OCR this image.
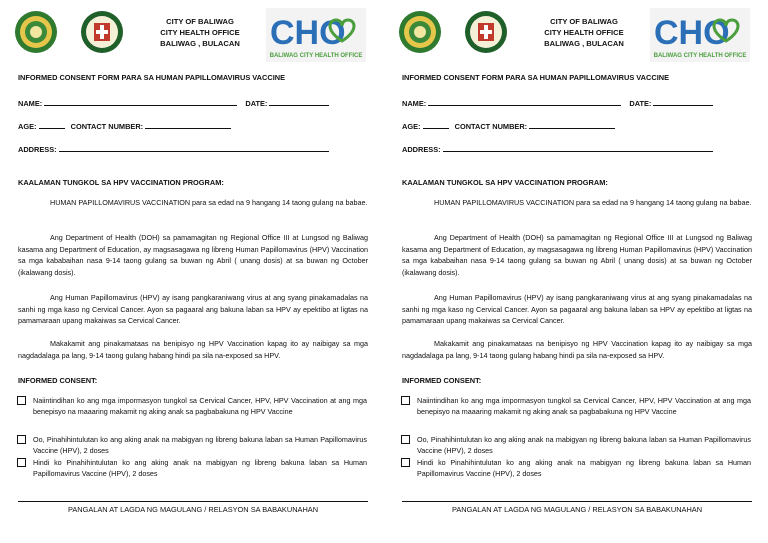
CITY OF BALIWAG
CITY HEALTH OFFICE
BALIWAG , BULACAN CHO
BALIWAG CITY HEALTH OFFICE
INFORMED CONSENT FORM PARA SA HUMAN PAPILLOMAVIRUS VACCINE
NAME:	DATE:
AGE:	CONTACT NUMBER:
ADDRESS:
KAALAMAN TUNGKOL SA HPV VACCINATION PROGRAM:

HUMAN PAPILLOMAVIRUS VACCINATION para sa edad na 9 hangang 14 taong gulang na babae.

Ang Department of Health (DOH) sa pamamagitan ng Regional Office III at Lungsod ng Baliwag kasama ang Department of Education, ay magsasagawa ng libreng Human Papillomavirus (HPV) Vaccination sa mga kababaihan nasa 9-14 taong gulang sa buwan ng Abril ( unang dosis) at sa buwan ng October (ikalawang dosis).

Ang Human Papillomavirus (HPV) ay isang pangkaraniwang virus at ang syang pinakamadalas na sanhi ng mga kaso ng Cervical Cancer. Ayon sa pagaaral ang bakuna laban sa HPV ay epektibo at ligtas na pamamaraan upang makaiwas sa Cervical Cancer.

Makakamit ang pinakamataas na benipisyo ng HPV Vaccination kapag ito ay naibigay sa mga nagdadalaga pa lang, 9-14 taong gulang habang hindi pa sila na-exposed sa HPV.

INFORMED CONSENT:

Naiintindihan ko ang mga impormasyon tungkol sa Cervical Cancer, HPV, HPV Vaccination at ang mga benepisyo na maaaring makamit ng aking anak sa pagbabakuna ng HPV Vaccine

Oo, Pinahihintulutan ko ang aking anak na mabigyan ng libreng bakuna laban sa Human Papillomavirus Vaccine (HPV), 2 doses

Hindi ko Pinahihintulutan ko ang aking anak na mabigyan ng libreng bakuna laban sa Human Papillomavirus Vaccine (HPV), 2 doses

PANGALAN AT LAGDA NG MAGULANG / RELASYON SA BABAKUNAHAN
CITY OF BALIWAG
CITY HEALTH OFFICE
BALIWAG , BULACAN CHO
BALIWAG CITY HEALTH OFFICE
INFORMED CONSENT FORM PARA SA HUMAN PAPILLOMAVIRUS VACCINE
NAME:	DATE:
AGE:	CONTACT NUMBER:
ADDRESS:
KAALAMAN TUNGKOL SA HPV VACCINATION PROGRAM:

HUMAN PAPILLOMAVIRUS VACCINATION para sa edad na 9 hangang 14 taong gulang na babae.

Ang Department of Health (DOH) sa pamamagitan ng Regional Office III at Lungsod ng Baliwag kasama ang Department of Education, ay magsasagawa ng libreng Human Papillomavirus (HPV) Vaccination sa mga kababaihan nasa 9-14 taong gulang sa buwan ng Abril ( unang dosis) at sa buwan ng October (ikalawang dosis).

Ang Human Papillomavirus (HPV) ay isang pangkaraniwang virus at ang syang pinakamadalas na sanhi ng mga kaso ng Cervical Cancer. Ayon sa pagaaral ang bakuna laban sa HPV ay epektibo at ligtas na pamamaraan upang makaiwas sa Cervical Cancer.

Makakamit ang pinakamataas na benipisyo ng HPV Vaccination kapag ito ay naibigay sa mga nagdadalaga pa lang, 9-14 taong gulang habang hindi pa sila na-exposed sa HPV.

INFORMED CONSENT:

Naiintindihan ko ang mga impormasyon tungkol sa Cervical Cancer, HPV, HPV Vaccination at ang mga benepisyo na maaaring makamit ng aking anak sa pagbabakuna ng HPV Vaccine

Oo, Pinahihintulutan ko ang aking anak na mabigyan ng libreng bakuna laban sa Human Papillomavirus Vaccine (HPV), 2 doses

Hindi ko Pinahihintulutan ko ang aking anak na mabigyan ng libreng bakuna laban sa Human Papillomavirus Vaccine (HPV), 2 doses

PANGALAN AT LAGDA NG MAGULANG / RELASYON SA BABAKUNAHAN
